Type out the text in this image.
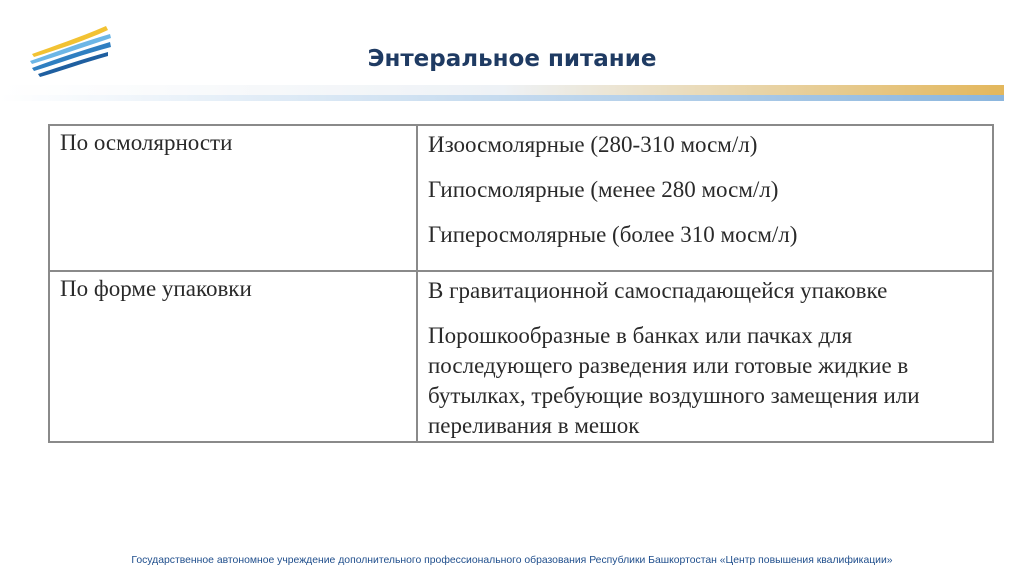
Энтеральное питание
По осмолярности	Изоосмолярные (280-310 мосм/л)

Гипосмолярные (менее 280 мосм/л)

Гиперосмолярные (более 310 мосм/л)

По форме упаковки	В гравитационной самоспадающейся упаковке

Порошкообразные в банках или пачках для последующего разведения или готовые жидкие в бутылках, требующие воздушного замещения или переливания в мешок

Государственное автономное учреждение дополнительного профессионального образования Республики Башкортостан «Центр повышения квалификации»
